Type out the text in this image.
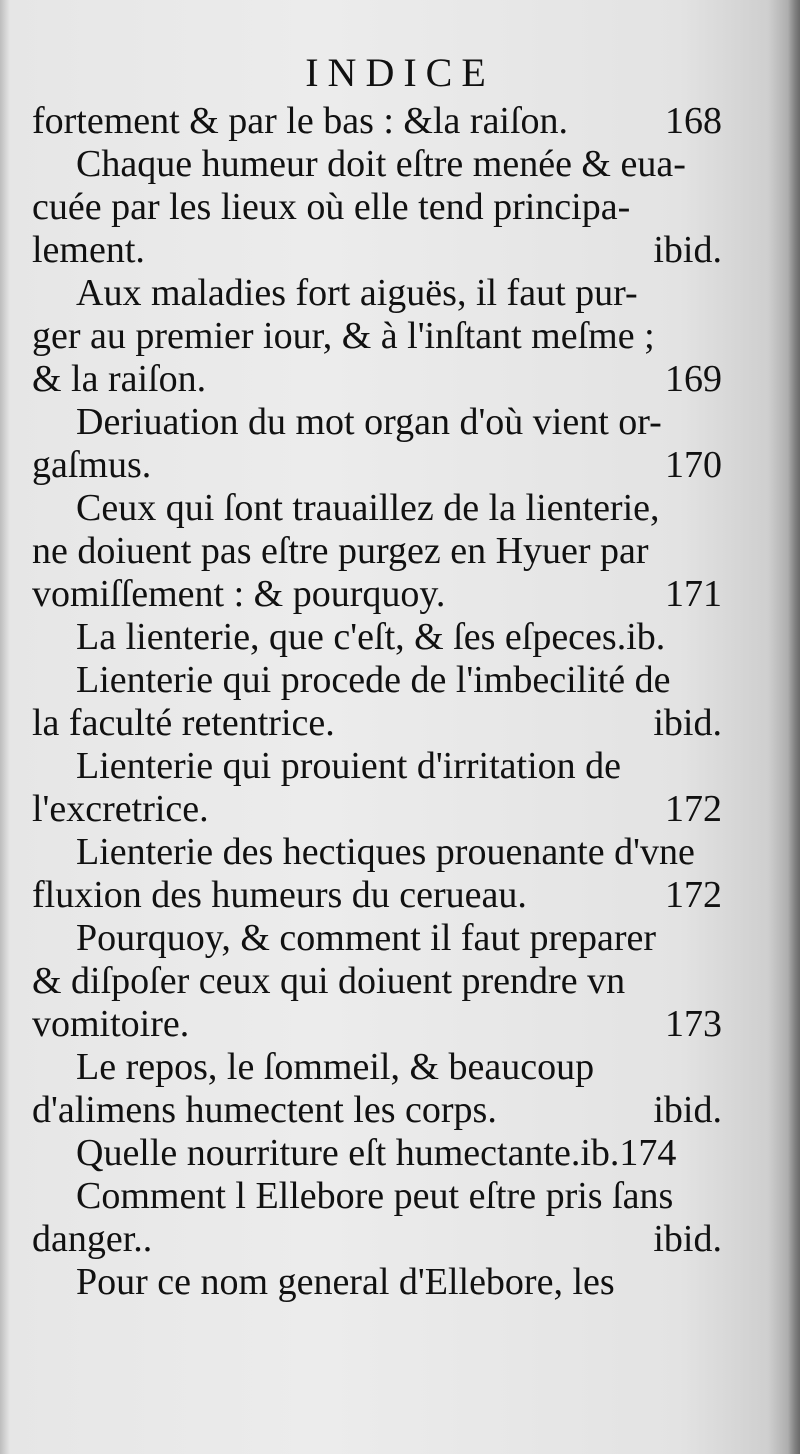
INDICE
fortement & par le bas : &la raiſon.	168
Chaque humeur doit eſtre menée & eua-
cuée par les lieux où elle tend principa-
lement.	ibid.
Aux maladies fort aiguës, il faut pur-
ger au premier iour, & à l'inſtant meſme ;
& la raiſon.	169
Deriuation du mot organ d'où vient or-
gaſmus.	170
Ceux qui ſont trauaillez de la lienterie,
ne doiuent pas eſtre purgez en Hyuer par
vomiſſement : & pourquoy.	171
La lienterie, que c'eſt, & ſes eſpeces.ib.
Lienterie qui procede de l'imbecilité de
la faculté retentrice.	ibid.
Lienterie qui prouient d'irritation de
l'excretrice.	172
Lienterie des hectiques prouenante d'vne
fluxion des humeurs du cerueau.	172
Pourquoy, & comment il faut preparer
& diſpoſer ceux qui doiuent prendre vn
vomitoire.	173
Le repos, le ſommeil, & beaucoup
d'alimens humectent les corps.	ibid.
Quelle nourriture eſt humectante.ib.174
Comment l Ellebore peut eſtre pris ſans
danger..	ibid.
Pour ce nom general d'Ellebore, les
